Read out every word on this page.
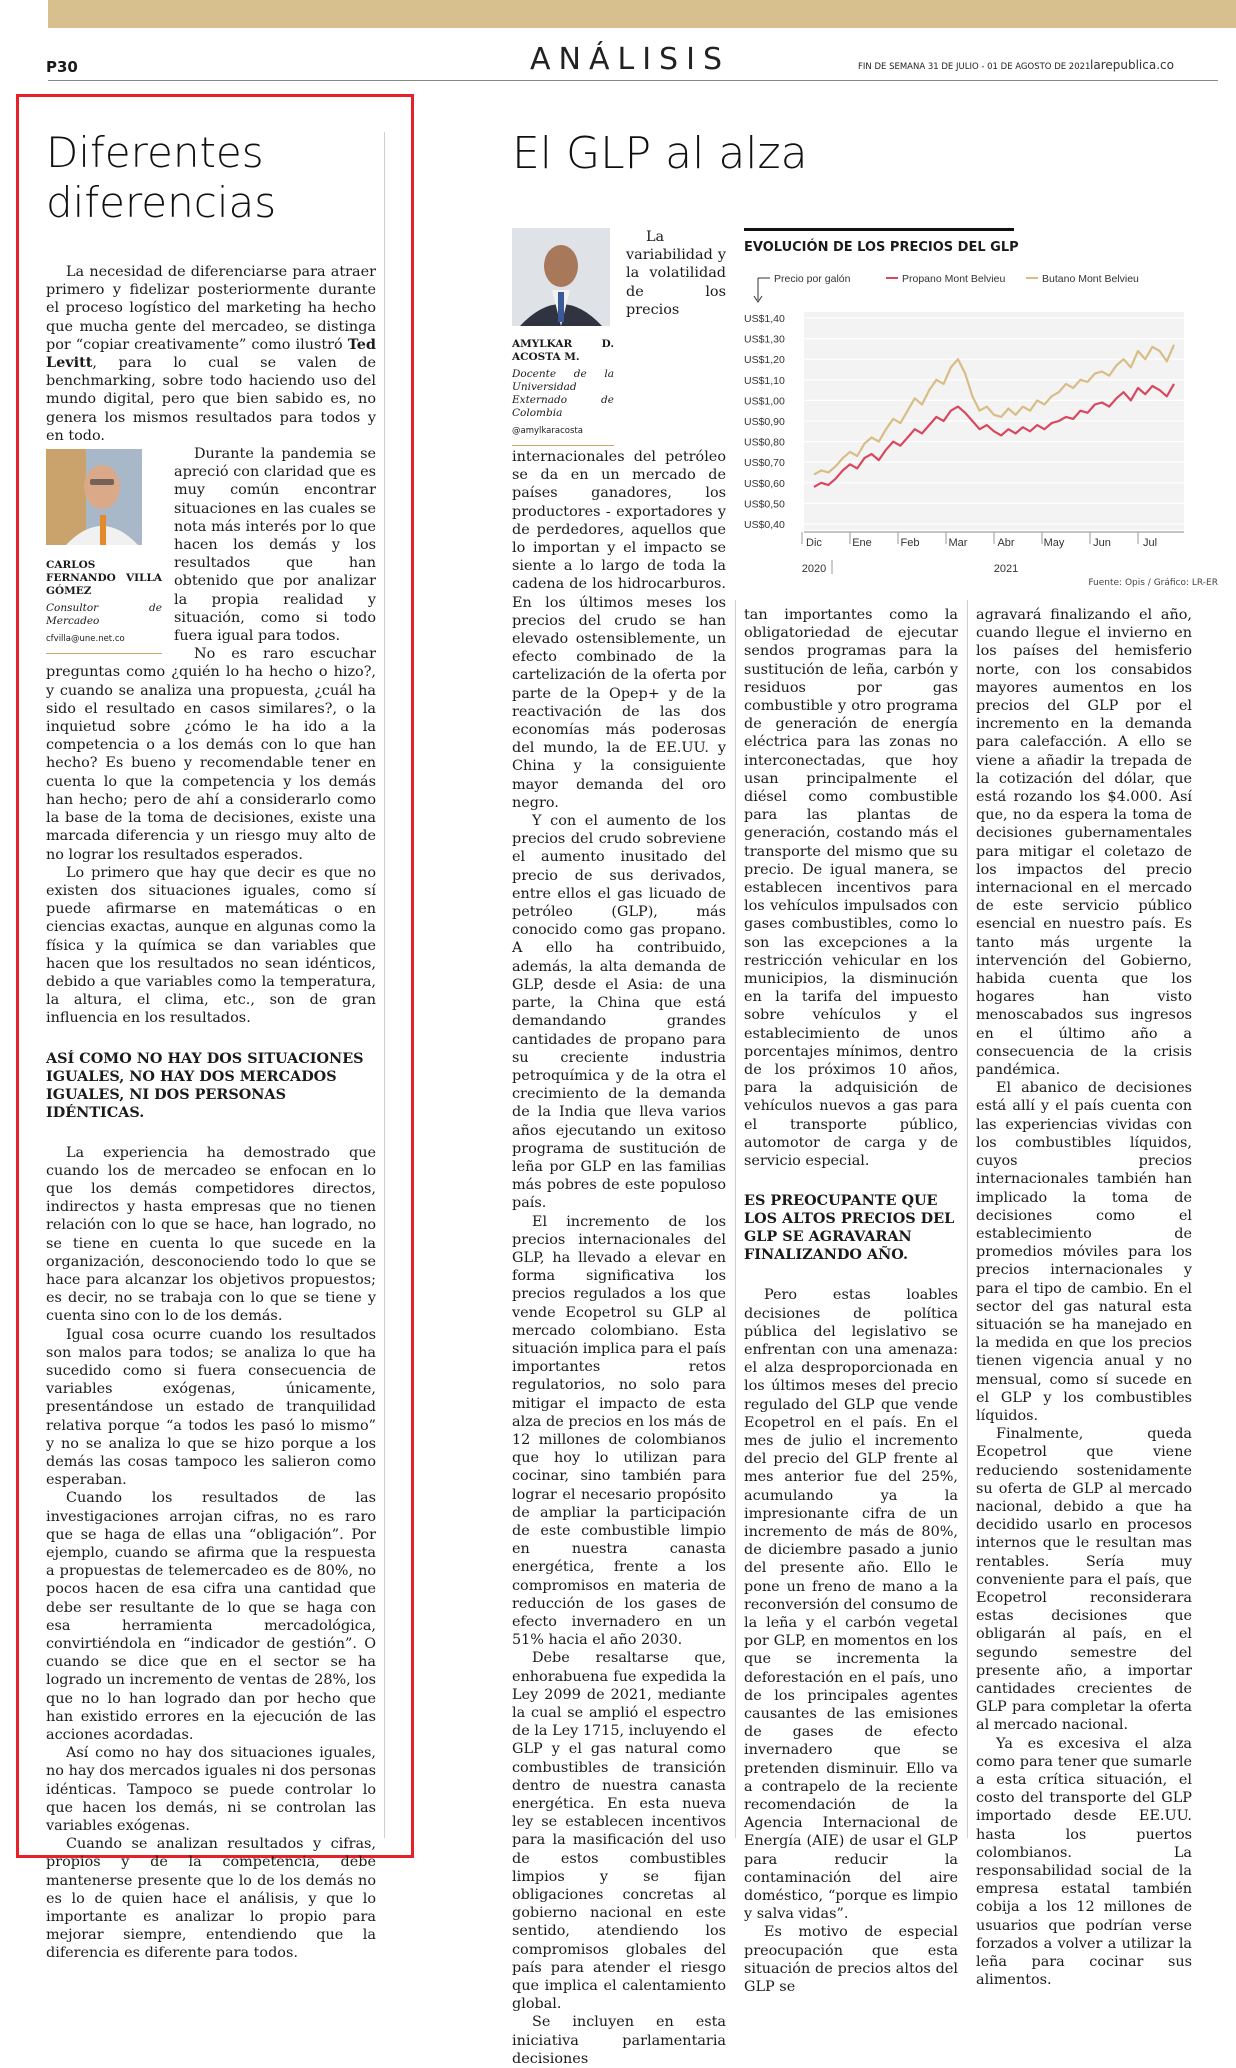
P30	ANÁLISIS	FIN DE SEMANA 31 DE JULIO - 01 DE AGOSTO DE 2021 larepublica.co
Diferentes
diferencias

La necesidad de diferenciarse para atraer primero y fidelizar posteriormente durante el proceso logístico del marketing ha hecho que mucha gente del mercadeo, se distinga por “copiar creativamente” como ilustró Ted Levitt, para lo cual se valen de benchmarking, sobre todo haciendo uso del mundo digital, pero que bien sabido es, no genera los mismos resultados para todos y en todo.

CARLOS FERNANDO VILLA GÓMEZ
Consultor de Mercadeo
cfvilla@une.net.co

Durante la pandemia se apreció con claridad que es muy común encontrar situaciones en las cuales se nota más interés por lo que hacen los demás y los resultados que han obtenido que por analizar la propia realidad y situación, como si todo fuera igual para todos.

No es raro escuchar preguntas como ¿quién lo ha hecho o hizo?, y cuando se analiza una propuesta, ¿cuál ha sido el resultado en casos similares?, o la inquietud sobre ¿cómo le ha ido a la competencia o a los demás con lo que han hecho? Es bueno y recomendable tener en cuenta lo que la competencia y los demás han hecho; pero de ahí a considerarlo como la base de la toma de decisiones, existe una marcada diferencia y un riesgo muy alto de no lograr los resultados esperados.

Lo primero que hay que decir es que no existen dos situaciones iguales, como sí puede afirmarse en matemáticas o en ciencias exactas, aunque en algunas como la física y la química se dan variables que hacen que los resultados no sean idénticos, debido a que variables como la temperatura, la altura, el clima, etc., son de gran influencia en los resultados.

ASÍ COMO NO HAY DOS SITUACIONES IGUALES, NO HAY DOS MERCADOS IGUALES, NI DOS PERSONAS IDÉNTICAS.

La experiencia ha demostrado que cuando los de mercadeo se enfocan en lo que los demás competidores directos, indirectos y hasta empresas que no tienen relación con lo que se hace, han logrado, no se tiene en cuenta lo que sucede en la organización, desconociendo todo lo que se hace para alcanzar los objetivos propuestos; es decir, no se trabaja con lo que se tiene y cuenta sino con lo de los demás.

Igual cosa ocurre cuando los resultados son malos para todos; se analiza lo que ha sucedido como si fuera consecuencia de variables exógenas, únicamente, presentándose un estado de tranquilidad relativa porque “a todos les pasó lo mismo” y no se analiza lo que se hizo porque a los demás las cosas tampoco les salieron como esperaban.

Cuando los resultados de las investigaciones arrojan cifras, no es raro que se haga de ellas una “obligación”. Por ejemplo, cuando se afirma que la respuesta a propuestas de telemercadeo es de 80%, no pocos hacen de esa cifra una cantidad que debe ser resultante de lo que se haga con esa herramienta mercadológica, convirtiéndola en “indicador de gestión”. O cuando se dice que en el sector se ha logrado un incremento de ventas de 28%, los que no lo han logrado dan por hecho que han existido errores en la ejecución de las acciones acordadas.

Así como no hay dos situaciones iguales, no hay dos mercados iguales ni dos personas idénticas. Tampoco se puede controlar lo que hacen los demás, ni se controlan las variables exógenas.

Cuando se analizan resultados y cifras, propios y de la competencia, debe mantenerse presente que lo de los demás no es lo de quien hace el análisis, y que lo importante es analizar lo propio para mejorar siempre, entendiendo que la diferencia es diferente para todos.

El GLP al alza
AMYLKAR D. ACOSTA M.
Docente de la Universidad Externado de Colombia
@amylkaracosta

La variabilidad y la volatilidad de los precios internacionales del petróleo se da en un mercado de países ganadores, los productores - exportadores y de perdedores, aquellos que lo importan y el impacto se siente a lo largo de toda la cadena de los hidrocarburos. En los últimos meses los precios del crudo se han elevado ostensiblemente, un efecto combinado de la cartelización de la oferta por parte de la Opep+ y de la reactivación de las dos economías más poderosas del mundo, la de EE.UU. y China y la consiguiente mayor demanda del oro negro.

Y con el aumento de los precios del crudo sobreviene el aumento inusitado del precio de sus derivados, entre ellos el gas licuado de petróleo (GLP), más conocido como gas propano. A ello ha contribuido, además, la alta demanda de GLP, desde el Asia: de una parte, la China que está demandando grandes cantidades de propano para su creciente industria petroquímica y de la otra el crecimiento de la demanda de la India que lleva varios años ejecutando un exitoso programa de sustitución de leña por GLP en las familias más pobres de este populoso país.

El incremento de los precios internacionales del GLP, ha llevado a elevar en forma significativa los precios regulados a los que vende Ecopetrol su GLP al mercado colombiano. Esta situación implica para el país importantes retos regulatorios, no solo para mitigar el impacto de esta alza de precios en los más de 12 millones de colombianos que hoy lo utilizan para cocinar, sino también para lograr el necesario propósito de ampliar la participación de este combustible limpio en nuestra canasta energética, frente a los compromisos en materia de reducción de los gases de efecto invernadero en un 51% hacia el año 2030.

Debe resaltarse que, enhorabuena fue expedida la Ley 2099 de 2021, mediante la cual se amplió el espectro de la Ley 1715, incluyendo el GLP y el gas natural como combustibles de transición dentro de nuestra canasta energética. En esta nueva ley se establecen incentivos para la masificación del uso de estos combustibles limpios y se fijan obligaciones concretas al gobierno nacional en este sentido, atendiendo los compromisos globales del país para atender el riesgo que implica el calentamiento global.

Se incluyen en esta iniciativa parlamentaria decisiones

EVOLUCIÓN DE LOS PRECIOS DEL GLP
US$1,40
US$1,30
US$1,20
US$1,10
US$1,00
US$0,90
US$0,80
US$0,70
US$0,60
US$0,50
US$0,40
Dic	Ene	Feb	Mar	Abr	May	Jun	Jul
2020	2021
Precio por galón	Propano Mont Belvieu	Butano Mont Belvieu
Fuente: Opis / Gráfico: LR-ER

tan importantes como la obligatoriedad de ejecutar sendos programas para la sustitución de leña, carbón y residuos por gas combustible y otro programa de generación de energía eléctrica para las zonas no interconectadas, que hoy usan principalmente el diésel como combustible para las plantas de generación, costando más el transporte del mismo que su precio. De igual manera, se establecen incentivos para los vehículos impulsados con gases combustibles, como lo son las excepciones a la restricción vehicular en los municipios, la disminución en la tarifa del impuesto sobre vehículos y el establecimiento de unos porcentajes mínimos, dentro de los próximos 10 años, para la adquisición de vehículos nuevos a gas para el transporte público, automotor de carga y de servicio especial.

ES PREOCUPANTE QUE LOS ALTOS PRECIOS DEL GLP SE AGRAVARAN FINALIZANDO AÑO.

Pero estas loables decisiones de política pública del legislativo se enfrentan con una amenaza: el alza desproporcionada en los últimos meses del precio regulado del GLP que vende Ecopetrol en el país. En el mes de julio el incremento del precio del GLP frente al mes anterior fue del 25%, acumulando ya la impresionante cifra de un incremento de más de 80%, de diciembre pasado a junio del presente año. Ello le pone un freno de mano a la reconversión del consumo de la leña y el carbón vegetal por GLP, en momentos en los que se incrementa la deforestación en el país, uno de los principales agentes causantes de las emisiones de gases de efecto invernadero que se pretenden disminuir. Ello va a contrapelo de la reciente recomendación de la Agencia Internacional de Energía (AIE) de usar el GLP para reducir la contaminación del aire doméstico, “porque es limpio y salva vidas”.

Es motivo de especial preocupación que esta situación de precios altos del GLP se

agravará finalizando el año, cuando llegue el invierno en los países del hemisferio norte, con los consabidos mayores aumentos en los precios del GLP por el incremento en la demanda para calefacción. A ello se viene a añadir la trepada de la cotización del dólar, que está rozando los $4.000. Así que, no da espera la toma de decisiones gubernamentales para mitigar el coletazo de los impactos del precio internacional en el mercado de este servicio público esencial en nuestro país. Es tanto más urgente la intervención del Gobierno, habida cuenta que los hogares han visto menoscabados sus ingresos en el último año a consecuencia de la crisis pandémica.

El abanico de decisiones está allí y el país cuenta con las experiencias vividas con los combustibles líquidos, cuyos precios internacionales también han implicado la toma de decisiones como el establecimiento de promedios móviles para los precios internacionales y para el tipo de cambio. En el sector del gas natural esta situación se ha manejado en la medida en que los precios tienen vigencia anual y no mensual, como sí sucede en el GLP y los combustibles líquidos.

Finalmente, queda Ecopetrol que viene reduciendo sostenidamente su oferta de GLP al mercado nacional, debido a que ha decidido usarlo en procesos internos que le resultan mas rentables. Sería muy conveniente para el país, que Ecopetrol reconsiderara estas decisiones que obligarán al país, en el segundo semestre del presente año, a importar cantidades crecientes de GLP para completar la oferta al mercado nacional.

Ya es excesiva el alza como para tener que sumarle a esta crítica situación, el costo del transporte del GLP importado desde EE.UU. hasta los puertos colombianos. La responsabilidad social de la empresa estatal también cobija a los 12 millones de usuarios que podrían verse forzados a volver a utilizar la leña para cocinar sus alimentos.
